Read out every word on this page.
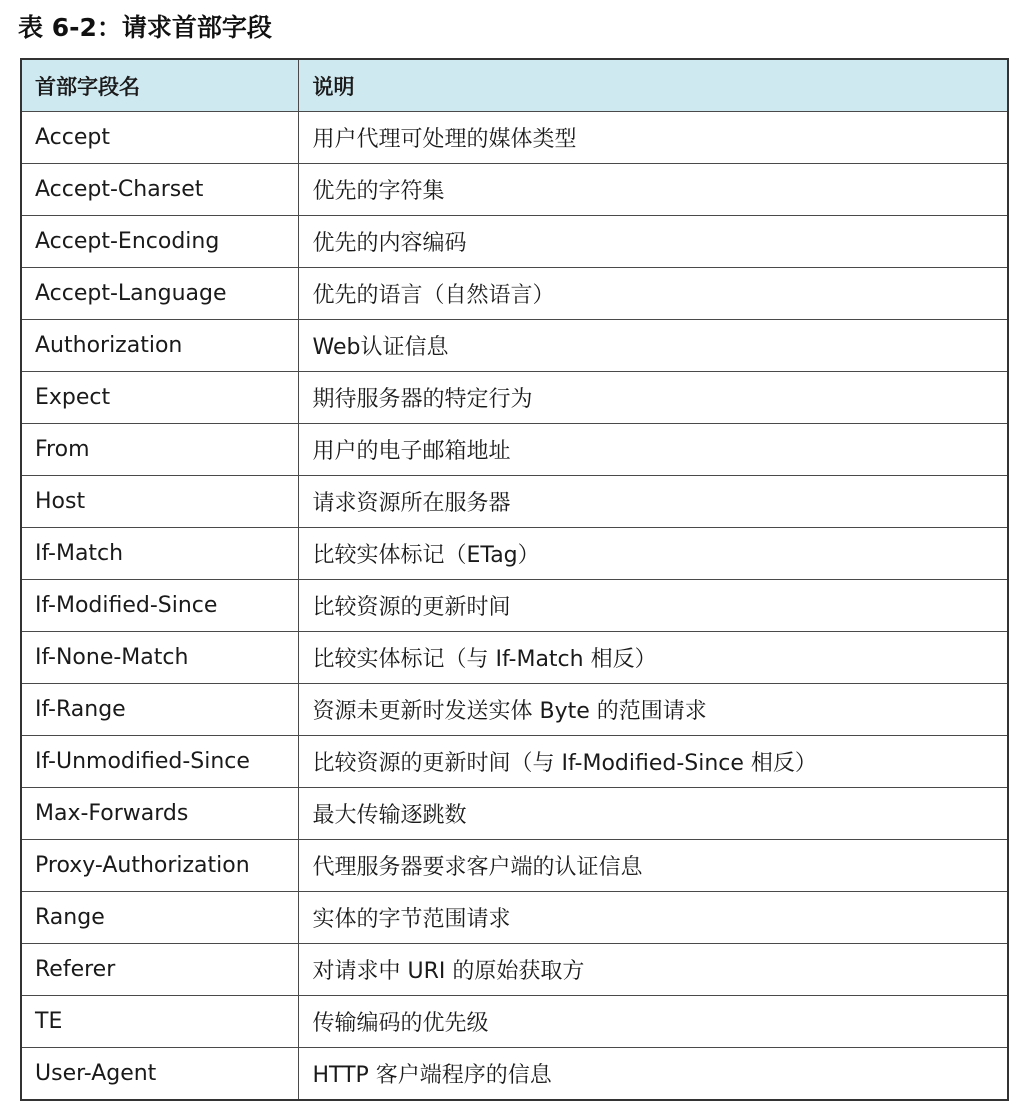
表 6-2：请求首部字段
首部字段名	说明
Accept	用户代理可处理的媒体类型
Accept-Charset	优先的字符集
Accept-Encoding	优先的内容编码
Accept-Language	优先的语言（自然语言）
Authorization	Web认证信息
Expect	期待服务器的特定行为
From	用户的电子邮箱地址
Host	请求资源所在服务器
If-Match	比较实体标记（ETag）
If-Modified-Since	比较资源的更新时间
If-None-Match	比较实体标记（与 If-Match 相反）
If-Range	资源未更新时发送实体 Byte 的范围请求
If-Unmodified-Since	比较资源的更新时间（与 If-Modified-Since 相反）
Max-Forwards	最大传输逐跳数
Proxy-Authorization	代理服务器要求客户端的认证信息
Range	实体的字节范围请求
Referer	对请求中 URI 的原始获取方
TE	传输编码的优先级
User-Agent	HTTP 客户端程序的信息
